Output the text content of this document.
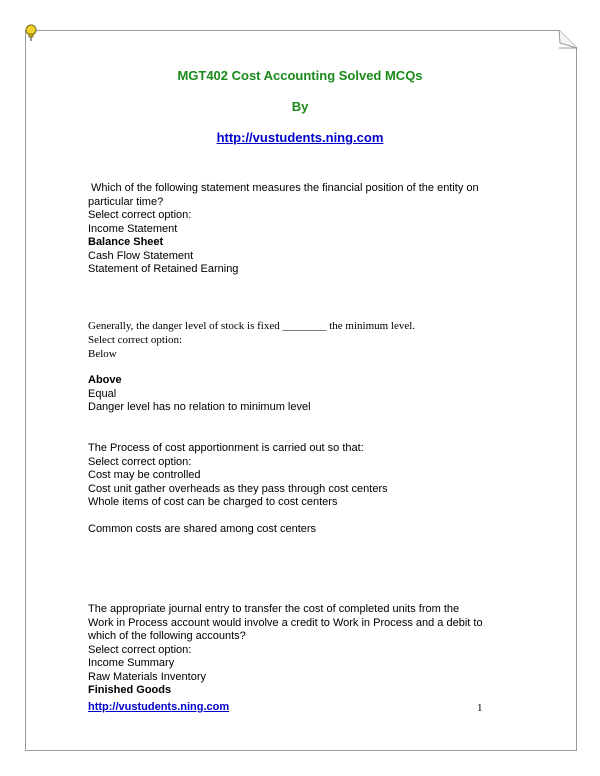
MGT402 Cost Accounting Solved MCQs
By
http://vustudents.ning.com
Which of the following statement measures the financial position of the entity on
particular time?
Select correct option:
Income Statement
Balance Sheet
Cash Flow Statement
Statement of Retained Earning
Generally, the danger level of stock is fixed ________ the minimum level.
Select correct option:
Below
Above
Equal
Danger level has no relation to minimum level
The Process of cost apportionment is carried out so that:
Select correct option:
Cost may be controlled
Cost unit gather overheads as they pass through cost centers
Whole items of cost can be charged to cost centers
Common costs are shared among cost centers
The appropriate journal entry to transfer the cost of completed units from the
Work in Process account would involve a credit to Work in Process and a debit to
which of the following accounts?
Select correct option:
Income Summary
Raw Materials Inventory
Finished Goods
http://vustudents.ning.com	1
